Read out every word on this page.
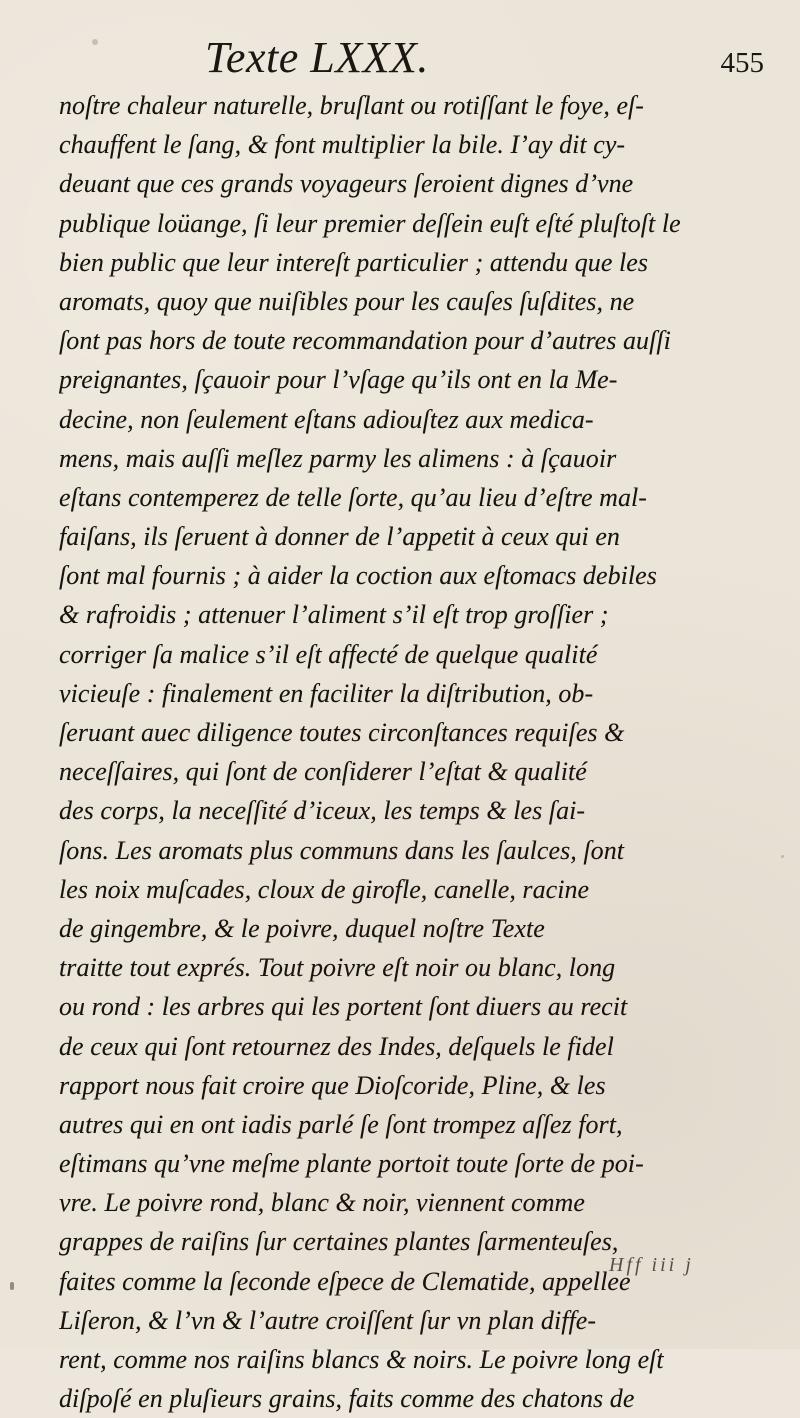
Texte LXXX.	455
noſtre chaleur naturelle, bruſlant ou rotiſſant le foye, eſ-
chauffent le ſang, & font multiplier la bile. I’ay dit cy-
deuant que ces grands voyageurs ſeroient dignes d’vne
publique loüange, ſi leur premier deſſein euſt eſté pluſtoſt le
bien public que leur intereſt particulier ; attendu que les
aromats, quoy que nuiſibles pour les cauſes ſuſdites, ne
ſont pas hors de toute recommandation pour d’autres auſſi
preignantes, ſçauoir pour l’vſage qu’ils ont en la Me-
decine, non ſeulement eſtans adiouſtez aux medica-
mens, mais auſſi meſlez parmy les alimens : à ſçauoir
eſtans contemperez de telle ſorte, qu’au lieu d’eſtre mal-
faiſans, ils ſeruent à donner de l’appetit à ceux qui en
ſont mal fournis ; à aider la coction aux eſtomacs debiles
& rafroidis ; attenuer l’aliment s’il eſt trop groſſier ;
corriger ſa malice s’il eſt affecté de quelque qualité
vicieuſe : finalement en faciliter la diſtribution, ob-
ſeruant auec diligence toutes circonſtances requiſes &
neceſſaires, qui ſont de conſiderer l’eſtat & qualité
des corps, la neceſſité d’iceux, les temps & les ſai-
ſons. Les aromats plus communs dans les ſaulces, ſont
les noix muſcades, cloux de girofle, canelle, racine
de gingembre, & le poivre, duquel noſtre Texte
traitte tout exprés. Tout poivre eſt noir ou blanc, long
ou rond : les arbres qui les portent ſont diuers au recit
de ceux qui ſont retournez des Indes, deſquels le fidel
rapport nous fait croire que Dioſcoride, Pline, & les
autres qui en ont iadis parlé ſe ſont trompez aſſez fort,
eſtimans qu’vne meſme plante portoit toute ſorte de poi-
vre. Le poivre rond, blanc & noir, viennent comme
grappes de raiſins ſur certaines plantes ſarmenteuſes,
faites comme la ſeconde eſpece de Clematide, appellee
Liſeron, & l’vn & l’autre croiſſent ſur vn plan diffe-
rent, comme nos raiſins blancs & noirs. Le poivre long eſt
diſpoſé en pluſieurs grains, faits comme des chatons de
Hff iii j
